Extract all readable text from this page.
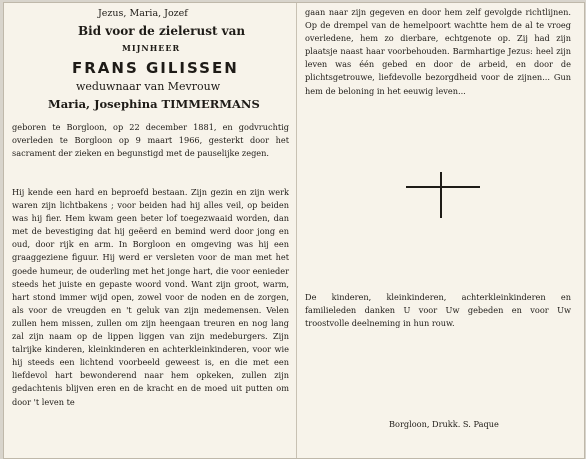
Jezus, Maria, Jozef

Bid voor de zielerust van

MIJNHEER

FRANS GILISSEN

weduwnaar van Mevrouw

Maria, Josephina TIMMERMANS

geboren te Borgloon, op 22 december 1881, en godvruchtig overleden te Borgloon op 9 maart 1966, gesterkt door het sacrament der zieken en begunstigd met de pauselijke zegen.

Hij kende een hard en beproefd bestaan. Zijn gezin en zijn werk waren zijn lichtbakens ; voor beiden had hij alles veil, op beiden was hij fier. Hem kwam geen beter lof toegezwaaid worden, dan met de bevestiging dat hij geëerd en bemind werd door jong en oud, door rijk en arm. In Borgloon en omgeving was hij een graaggeziene figuur. Hij werd er versleten voor de man met het goede humeur, de ouderling met het jonge hart, die voor eenieder steeds het juiste en gepaste woord vond. Want zijn groot, warm, hart stond immer wijd open, zowel voor de noden en de zorgen, als voor de vreugden en 't geluk van zijn medemensen. Velen zullen hem missen, zullen om zijn heengaan treuren en nog lang zal zijn naam op de lippen liggen van zijn medeburgers. Zijn talrijke kinderen, kleinkinderen en achterkleinkinderen, voor wie hij steeds een lichtend voorbeeld geweest is, en die met een liefdevol hart bewonderend naar hem opkeken, zullen zijn gedachtenis blijven eren en de kracht en de moed uit putten om door 't leven te

gaan naar zijn gegeven en door hem zelf gevolgde richtlijnen. Op de drempel van de hemelpoort wachtte hem de al te vroeg overledene, hem zo dierbare, echtgenote op. Zij had zijn plaatsje naast haar voorbehouden. Barmhartige Jezus: heel zijn leven was één gebed en door de arbeid, en door de plichtsgetrouwe, liefdevolle bezorgdheid voor de zijnen... Gun hem de beloning in het eeuwig leven...

De kinderen, kleinkinderen, achterkleinkinderen en familieleden danken U voor Uw gebeden en voor Uw troostvolle deelneming in hun rouw.

Borgloon, Drukk. S. Paque
